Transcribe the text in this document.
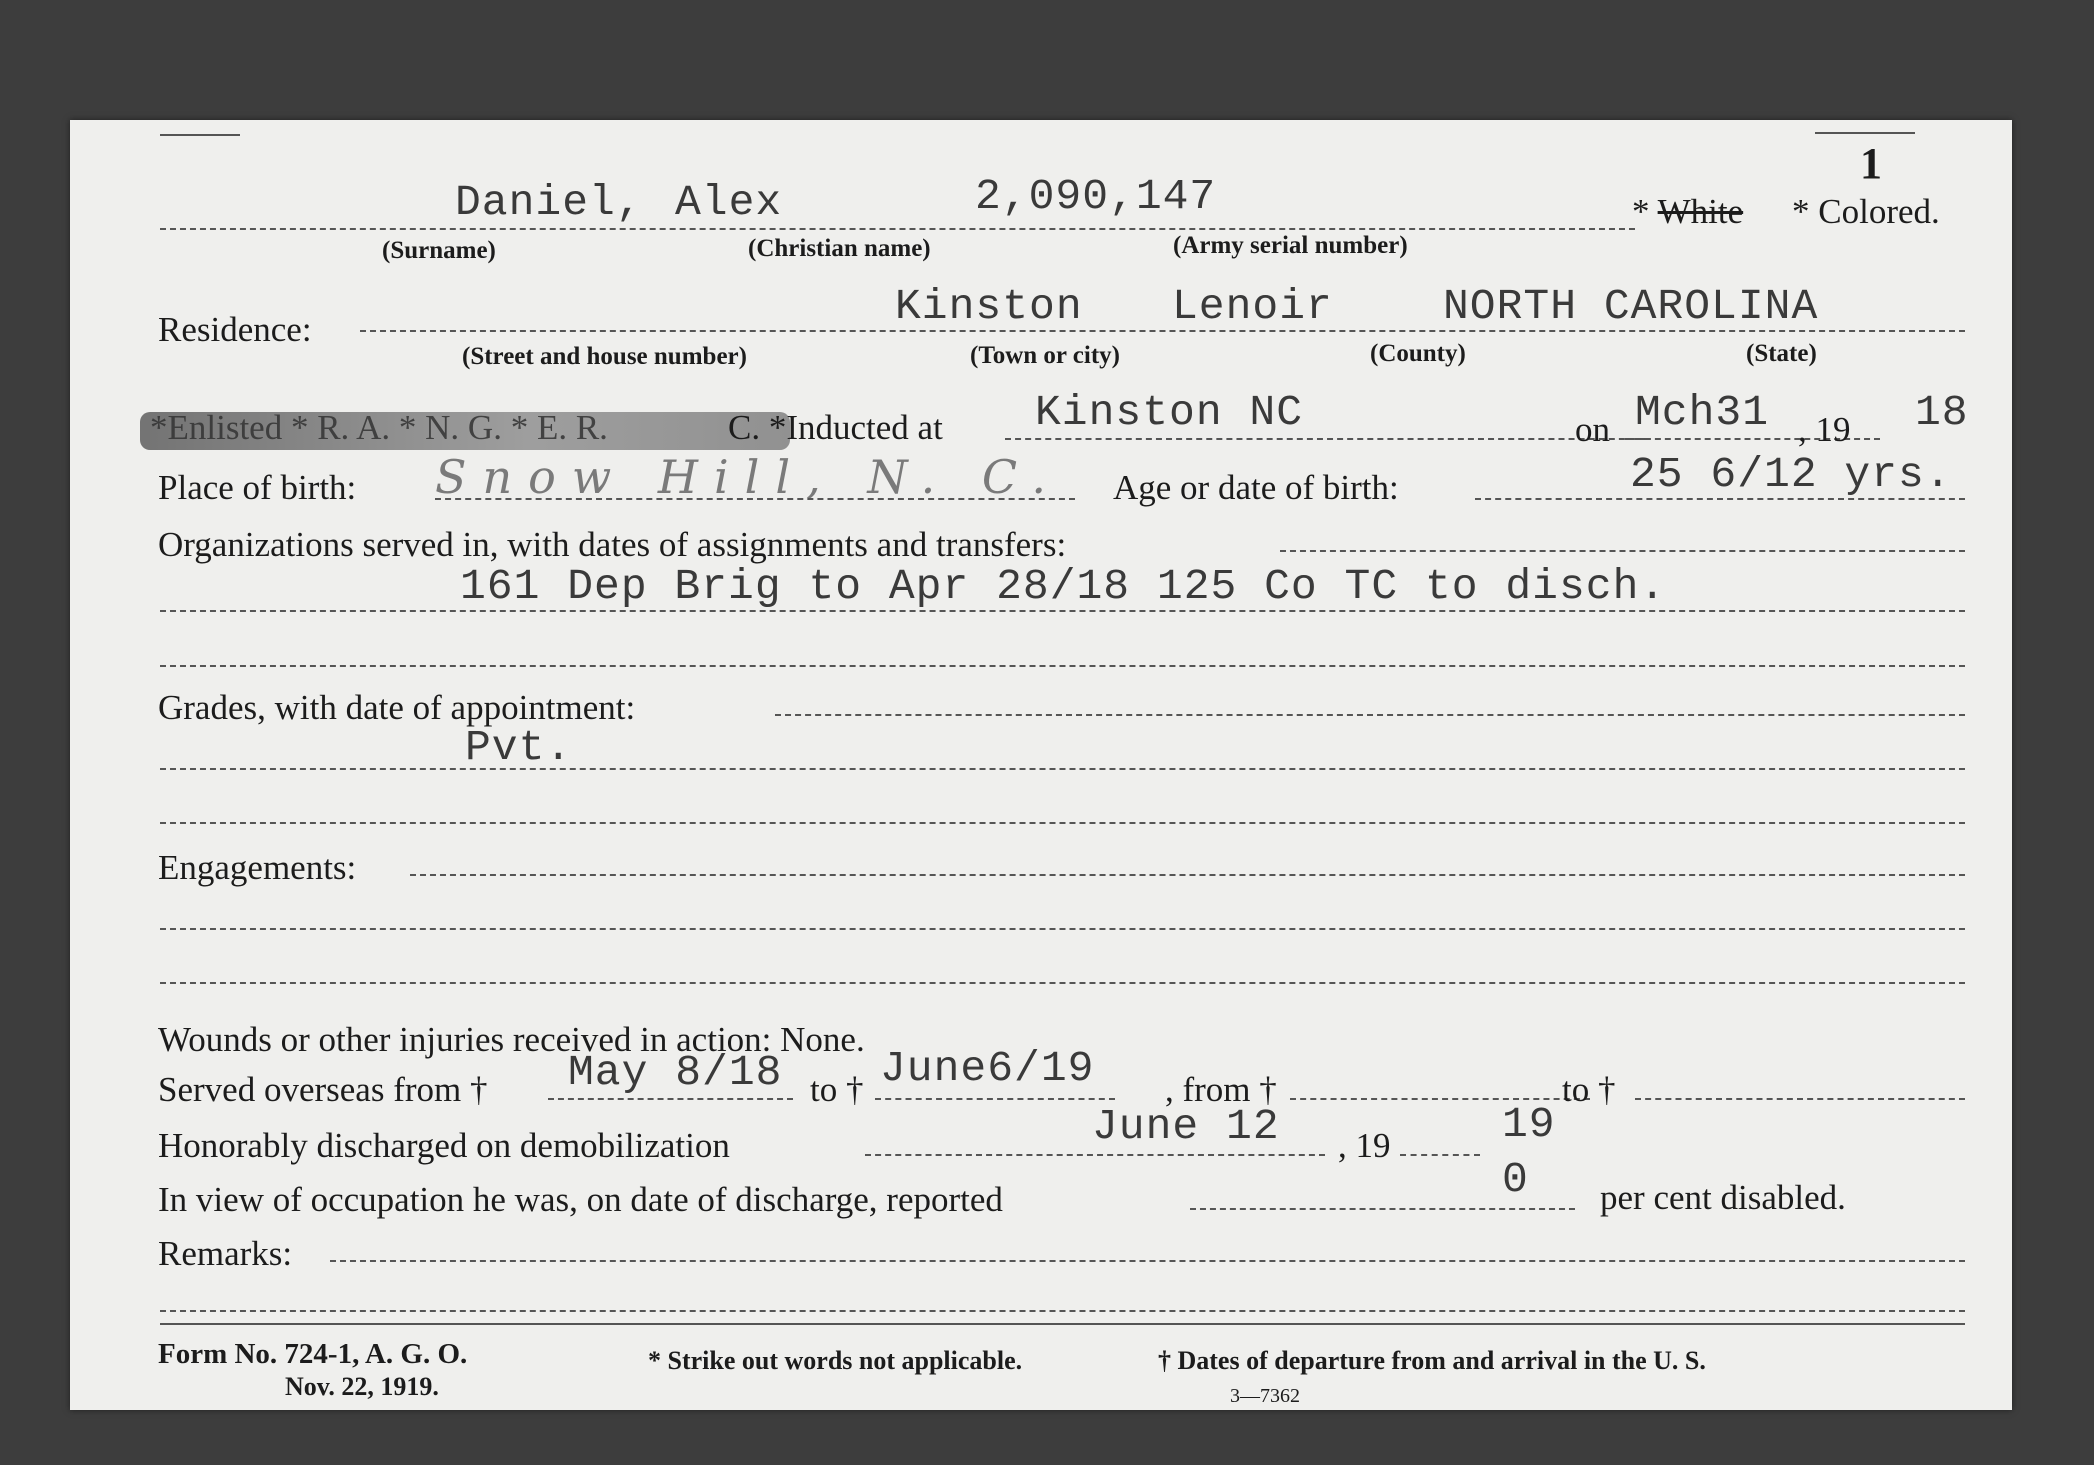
1
Daniel, Alex	2,090,147	* White * Colored.
(Surname)	(Christian name)	(Army serial number)
Residence:	Kinston Lenoir	NORTH CAROLINA
(Street and house number)	(Town or city)	(County)	(State)
*Enlisted * R. A. * N. G. * E. R.	C. *Inducted at Kinston NC	on Mch31 , 19 18
Place of birth: Snow Hill, N. C. Age or date of birth:	25 6/12 yrs.
Organizations served in, with dates of assignments and transfers:
161 Dep Brig to Apr 28/18 125 Co TC to disch.
Grades, with date of appointment:
Pvt.
Engagements:
Wounds or other injuries received in action: None.
Served overseas from † May 8/18 to † June6/19 , from †	to †
Honorably discharged on demobilization	June 12 , 19	19
In view of occupation he was, on date of discharge, reported	0 per cent disabled.
Remarks:
Form No. 724-1, A. G. O.
Nov. 22, 1919.
* Strike out words not applicable.	† Dates of departure from and arrival in the U. S.
3—7362
